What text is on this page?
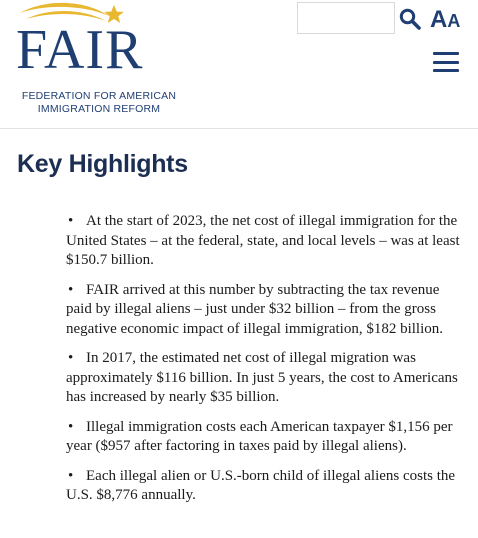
FAIR
FEDERATION FOR AMERICAN
IMMIGRATION REFORM
AA
Key Highlights
• At the start of 2023, the net cost of illegal immigration for the United States – at the federal, state, and local levels – was at least $150.7 billion.
• FAIR arrived at this number by subtracting the tax revenue paid by illegal aliens – just under $32 billion – from the gross negative economic impact of illegal immigration, $182 billion.
• In 2017, the estimated net cost of illegal migration was approximately $116 billion. In just 5 years, the cost to Americans has increased by nearly $35 billion.
• Illegal immigration costs each American taxpayer $1,156 per year ($957 after factoring in taxes paid by illegal aliens).
• Each illegal alien or U.S.-born child of illegal aliens costs the U.S. $8,776 annually.
